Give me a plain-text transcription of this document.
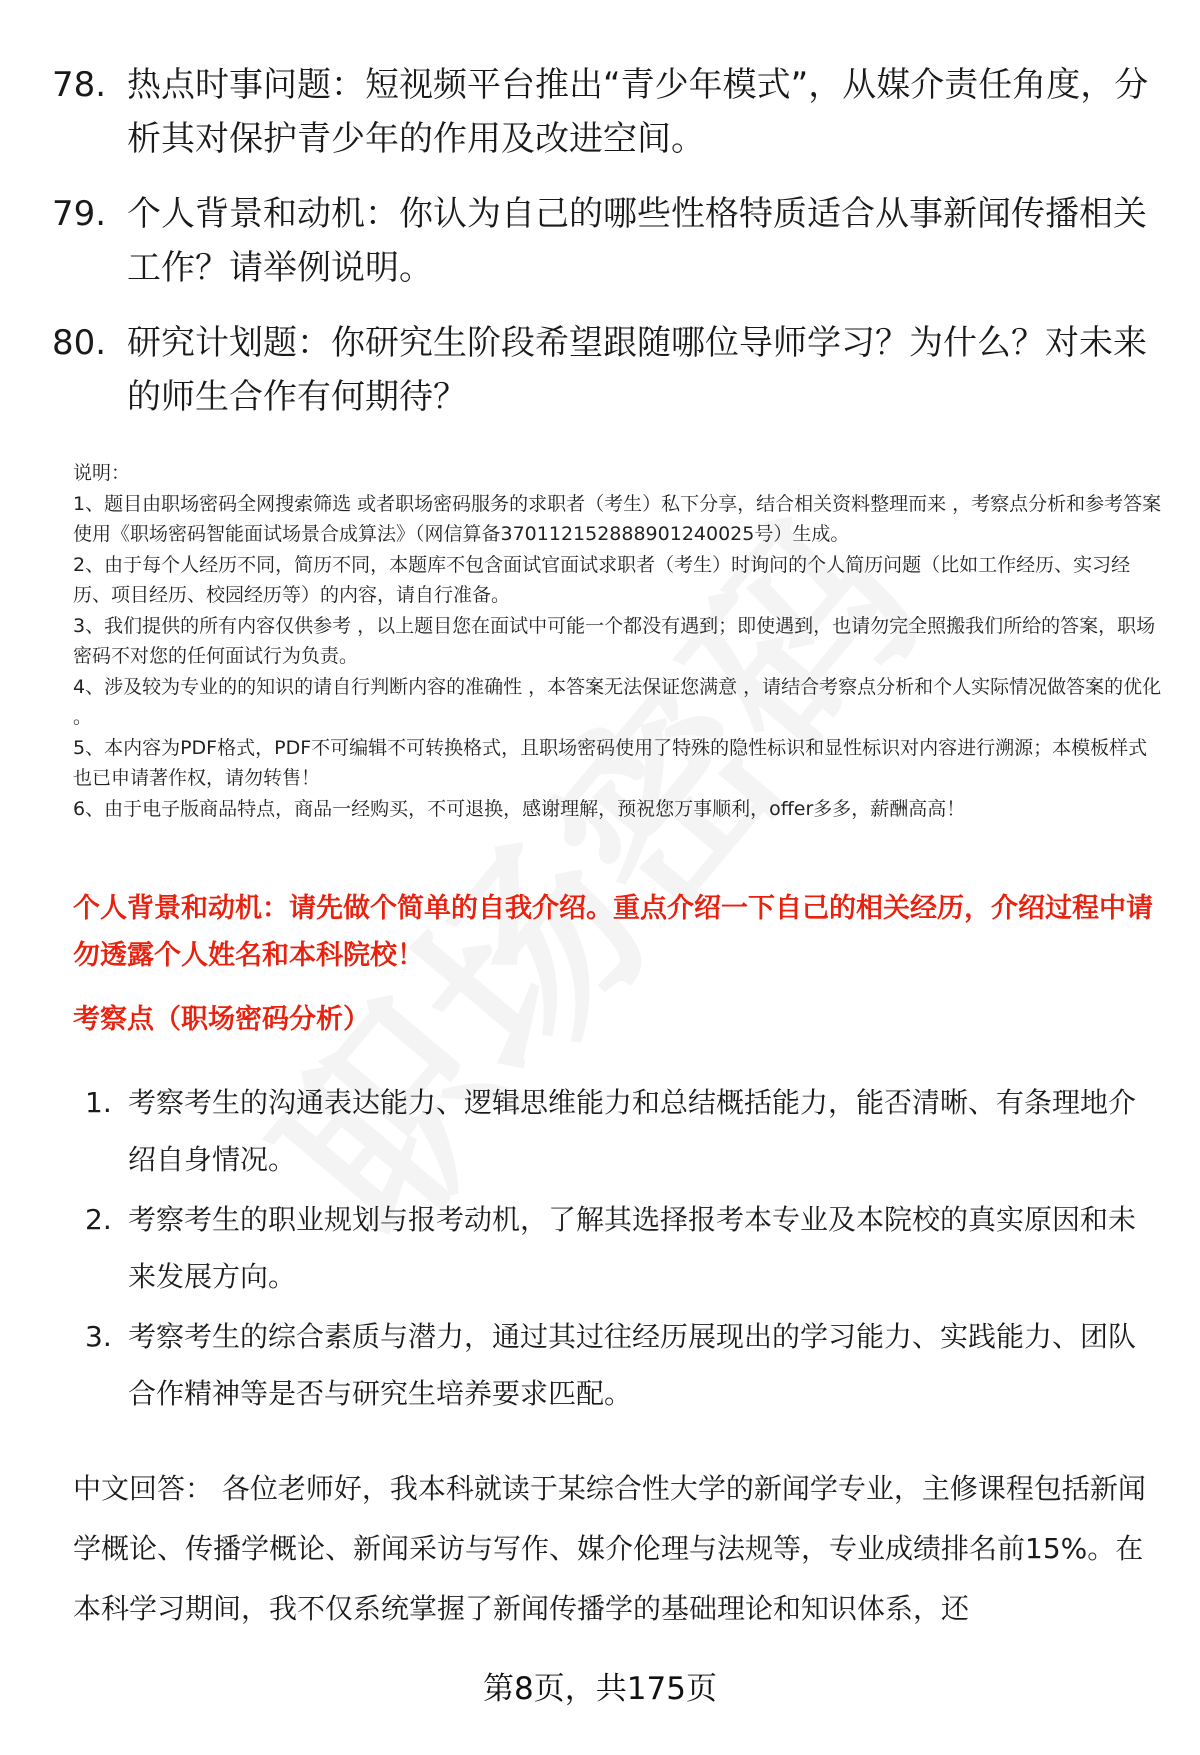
78. 热点时事问题：短视频平台推出“青少年模式”，从媒介责任角度，分析其对保护青少年的作用及改进空间。
79. 个人背景和动机：你认为自己的哪些性格特质适合从事新闻传播相关工作？请举例说明。
80. 研究计划题：你研究生阶段希望跟随哪位导师学习？为什么？对未来的师生合作有何期待？

说明：

1、题目由职场密码全网搜索筛选 或者职场密码服务的求职者（考生）私下分享，结合相关资料整理而来 ，考察点分析和参考答案使用《职场密码智能面试场景合成算法》（网信算备370112152888901240025号）生成。

2、由于每个人经历不同，简历不同，本题库不包含面试官面试求职者（考生）时询问的个人简历问题（比如工作经历、实习经历、项目经历、校园经历等）的内容，请自行准备。

3、我们提供的所有内容仅供参考 ，以上题目您在面试中可能一个都没有遇到；即使遇到，也请勿完全照搬我们所给的答案，职场密码不对您的任何面试行为负责。

4、涉及较为专业的的知识的请自行判断内容的准确性 ，本答案无法保证您满意 ，请结合考察点分析和个人实际情况做答案的优化 。

5、本内容为PDF格式，PDF不可编辑不可转换格式，且职场密码使用了特殊的隐性标识和显性标识对内容进行溯源；本模板样式也已申请著作权，请勿转售！

6、由于电子版商品特点，商品一经购买，不可退换，感谢理解，预祝您万事顺利，offer多多，薪酬高高！

个人背景和动机：请先做个简单的自我介绍。重点介绍一下自己的相关经历，介绍过程中请勿透露个人姓名和本科院校！
考察点（职场密码分析）
1. 考察考生的沟通表达能力、逻辑思维能力和总结概括能力，能否清晰、有条理地介绍自身情况。
2. 考察考生的职业规划与报考动机，了解其选择报考本专业及本院校的真实原因和未来发展方向。
3. 考察考生的综合素质与潜力，通过其过往经历展现出的学习能力、实践能力、团队合作精神等是否与研究生培养要求匹配。
中文回答： 各位老师好，我本科就读于某综合性大学的新闻学专业，主修课程包括新闻学概论、传播学概论、新闻采访与写作、媒介伦理与法规等，专业成绩排名前15%。在本科学习期间，我不仅系统掌握了新闻传播学的基础理论和知识体系，还
第8页，共175页
